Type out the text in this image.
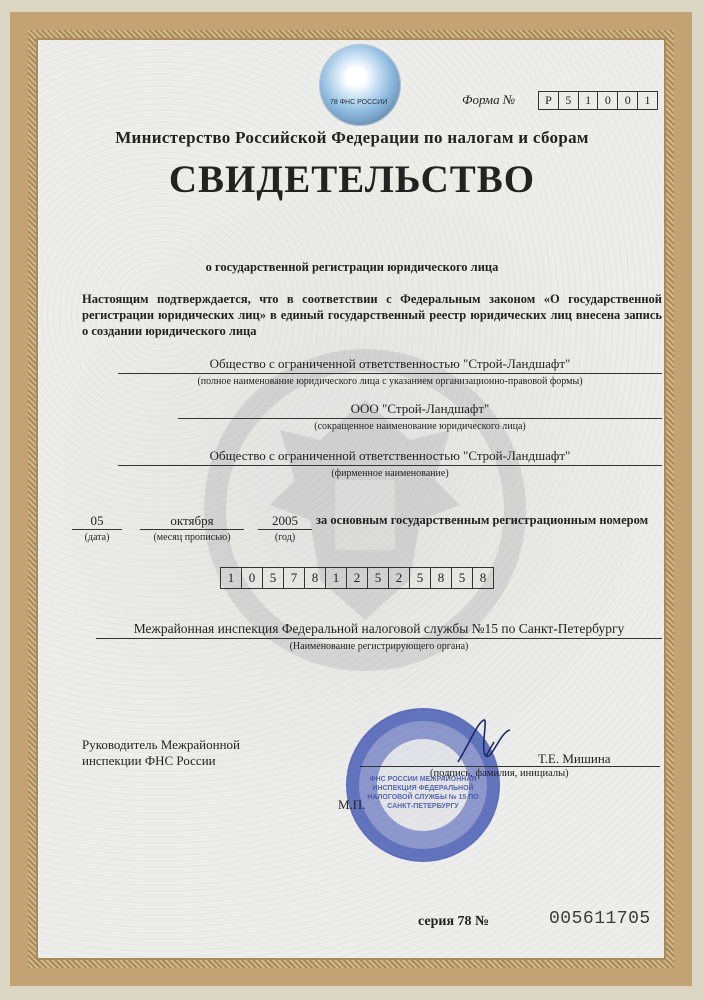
78 ФНС РОССИИ	Форма №	Р	5	1	0	0	1
Министерство Российской Федерации по налогам и сборам
СВИДЕТЕЛЬСТВО
о государственной регистрации юридического лица
Настоящим подтверждается, что в соответствии с Федеральным законом «О государственной регистрации юридических лиц» в единый государственный реестр юридических лиц внесена запись о создании юридического лица
Общество с ограниченной ответственностью "Строй-Ландшафт"
(полное наименование юридического лица с указанием организационно-правовой формы)
ООО "Строй-Ландшафт"
(сокращенное наименование юридического лица)
Общество с ограниченной ответственностью "Строй-Ландшафт"
(фирменное наименование)
05
(дата)
октября
(месяц прописью)
2005
(год)
за основным государственным регистрационным номером
1	0	5	7	8	1	2	5	2	5	8	5	8
Межрайонная инспекция Федеральной налоговой службы №15 по Санкт-Петербургу
(Наименование регистрирующего органа)
Руководитель Межрайонной
инспекции ФНС России
ФНС РОССИИ МЕЖРАЙОННАЯ ИНСПЕКЦИЯ ФЕДЕРАЛЬНОЙ НАЛОГОВОЙ СЛУЖБЫ № 15 ПО САНКТ-ПЕТЕРБУРГУ
Т.Е. Мишина
(подпись, фамилия, инициалы)
М.П.
серия 78 №	005611705
